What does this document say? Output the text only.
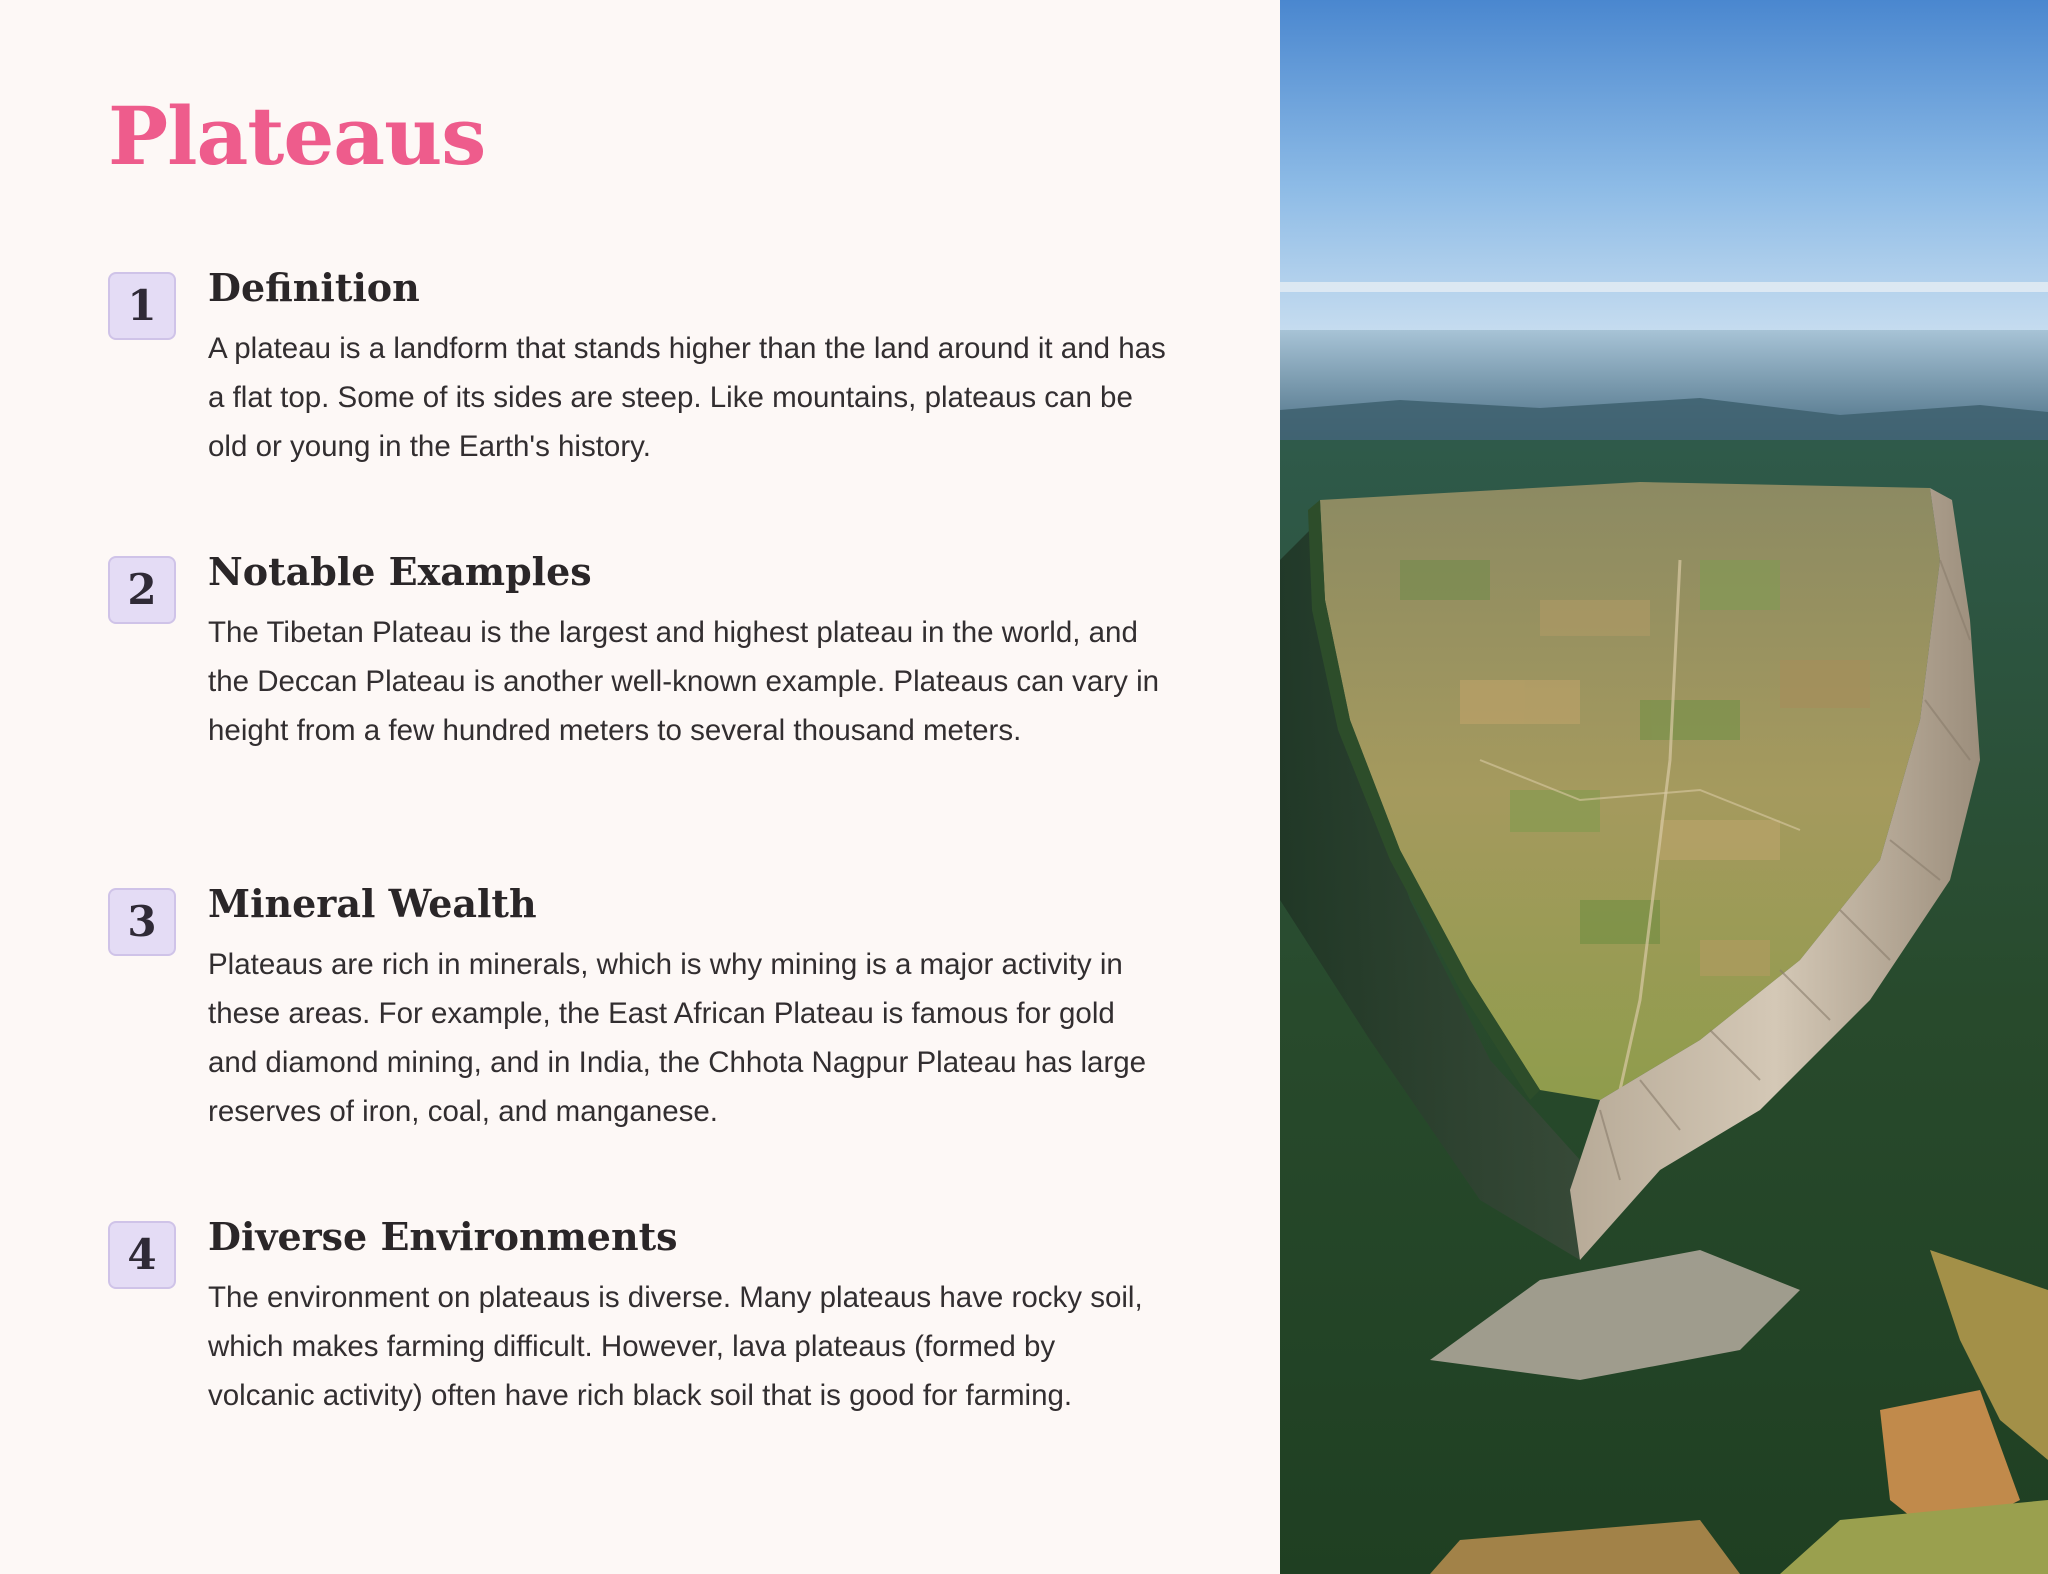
Plateaus
1	Definition

A plateau is a landform that stands higher than the land around it and has a flat top. Some of its sides are steep. Like mountains, plateaus can be old or young in the Earth's history.

2	Notable Examples

The Tibetan Plateau is the largest and highest plateau in the world, and the Deccan Plateau is another well-known example. Plateaus can vary in height from a few hundred meters to several thousand meters.

3	Mineral Wealth

Plateaus are rich in minerals, which is why mining is a major activity in these areas. For example, the East African Plateau is famous for gold and diamond mining, and in India, the Chhota Nagpur Plateau has large reserves of iron, coal, and manganese.

4	Diverse Environments

The environment on plateaus is diverse. Many plateaus have rocky soil, which makes farming difficult. However, lava plateaus (formed by volcanic activity) often have rich black soil that is good for farming.
